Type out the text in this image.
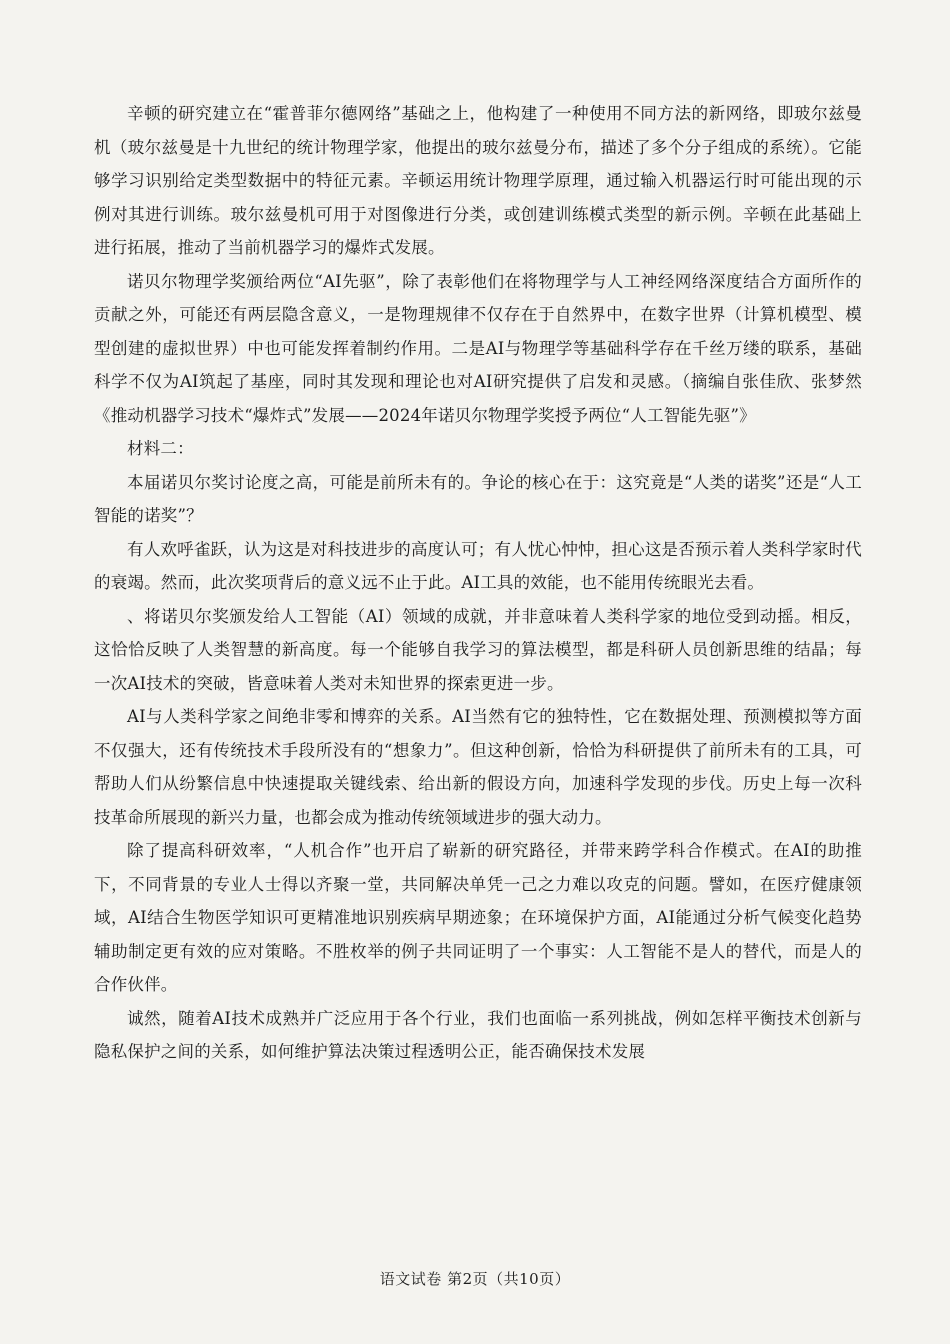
辛顿的研究建立在“霍普菲尔德网络”基础之上，他构建了一种使用不同方法的新网络，即玻尔兹曼机（玻尔兹曼是十九世纪的统计物理学家，他提出的玻尔兹曼分布，描述了多个分子组成的系统）。它能够学习识别给定类型数据中的特征元素。辛顿运用统计物理学原理，通过输入机器运行时可能出现的示例对其进行训练。玻尔兹曼机可用于对图像进行分类，或创建训练模式类型的新示例。辛顿在此基础上进行拓展，推动了当前机器学习的爆炸式发展。

诺贝尔物理学奖颁给两位“AI先驱”，除了表彰他们在将物理学与人工神经网络深度结合方面所作的贡献之外，可能还有两层隐含意义，一是物理规律不仅存在于自然界中，在数字世界（计算机模型、模型创建的虚拟世界）中也可能发挥着制约作用。二是AI与物理学等基础科学存在千丝万缕的联系，基础科学不仅为AI筑起了基座，同时其发现和理论也对AI研究提供了启发和灵感。（摘编自张佳欣、张梦然《推动机器学习技术“爆炸式”发展——2024年诺贝尔物理学奖授予两位“人工智能先驱”》

材料二：

本届诺贝尔奖讨论度之高，可能是前所未有的。争论的核心在于：这究竟是“人类的诺奖”还是“人工智能的诺奖”？

有人欢呼雀跃，认为这是对科技进步的高度认可；有人忧心忡忡，担心这是否预示着人类科学家时代的衰竭。然而，此次奖项背后的意义远不止于此。AI工具的效能，也不能用传统眼光去看。

、将诺贝尔奖颁发给人工智能（AI）领域的成就，并非意味着人类科学家的地位受到动摇。相反，这恰恰反映了人类智慧的新高度。每一个能够自我学习的算法模型，都是科研人员创新思维的结晶；每一次AI技术的突破，皆意味着人类对未知世界的探索更进一步。

AI与人类科学家之间绝非零和博弈的关系。AI当然有它的独特性，它在数据处理、预测模拟等方面不仅强大，还有传统技术手段所没有的“想象力”。但这种创新，恰恰为科研提供了前所未有的工具，可帮助人们从纷繁信息中快速提取关键线索、给出新的假设方向，加速科学发现的步伐。历史上每一次科技革命所展现的新兴力量，也都会成为推动传统领域进步的强大动力。

除了提高科研效率，“人机合作”也开启了崭新的研究路径，并带来跨学科合作模式。在AI的助推下，不同背景的专业人士得以齐聚一堂，共同解决单凭一己之力难以攻克的问题。譬如，在医疗健康领域，AI结合生物医学知识可更精准地识别疾病早期迹象；在环境保护方面，AI能通过分析气候变化趋势辅助制定更有效的应对策略。不胜枚举的例子共同证明了一个事实：人工智能不是人的替代，而是人的合作伙伴。

诚然，随着AI技术成熟并广泛应用于各个行业，我们也面临一系列挑战，例如怎样平衡技术创新与隐私保护之间的关系，如何维护算法决策过程透明公正，能否确保技术发展

语文试卷 第2页（共10页）
